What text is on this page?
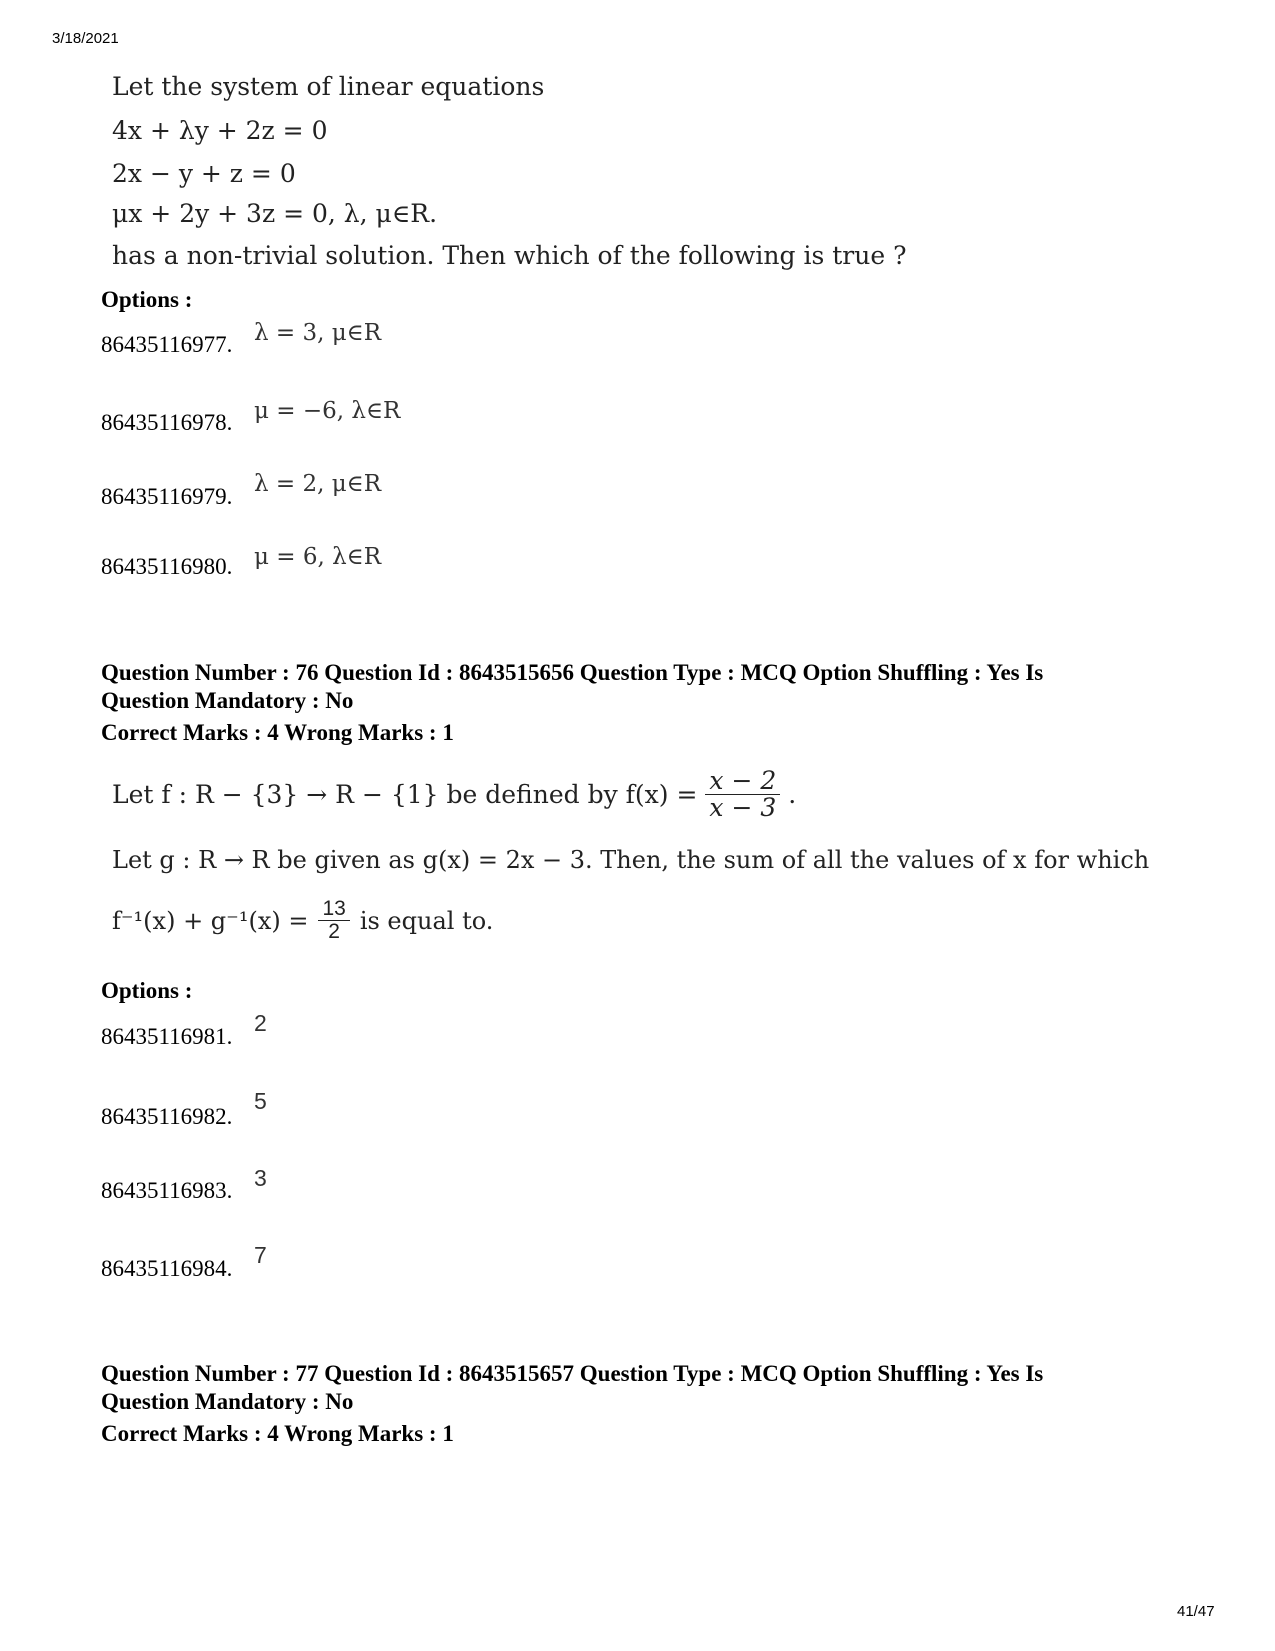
3/18/2021
41/47
Let the system of linear equations
4x + λy + 2z = 0
2x − y + z = 0
μx + 2y + 3z = 0, λ, μ∈R.
has a non-trivial solution. Then which of the following is true ?
Options :
86435116977. λ = 3, μ∈R
86435116978. μ = −6, λ∈R
86435116979. λ = 2, μ∈R
86435116980. μ = 6, λ∈R
Question Number : 76 Question Id : 8643515656 Question Type : MCQ Option Shuffling : Yes Is
Question Mandatory : No
Correct Marks : 4 Wrong Marks : 1
Let f : R − {3} → R − {1} be defined by $f(x) = \frac{x - 2}{x - 3}$ .
Let g : R → R be given as g(x) = 2x − 3. Then, the sum of all the values of x for which
$f^{-1}(x) + g^{-1}(x) = \frac{13}{2}$ is equal to.
Options :
86435116981.
2
86435116982.
5
86435116983. 3
86435116984.
7
Question Number : 77 Question Id : 8643515657 Question Type : MCQ Option Shuffling : Yes Is
Question Mandatory : No
Correct Marks : 4 Wrong Marks : 1
